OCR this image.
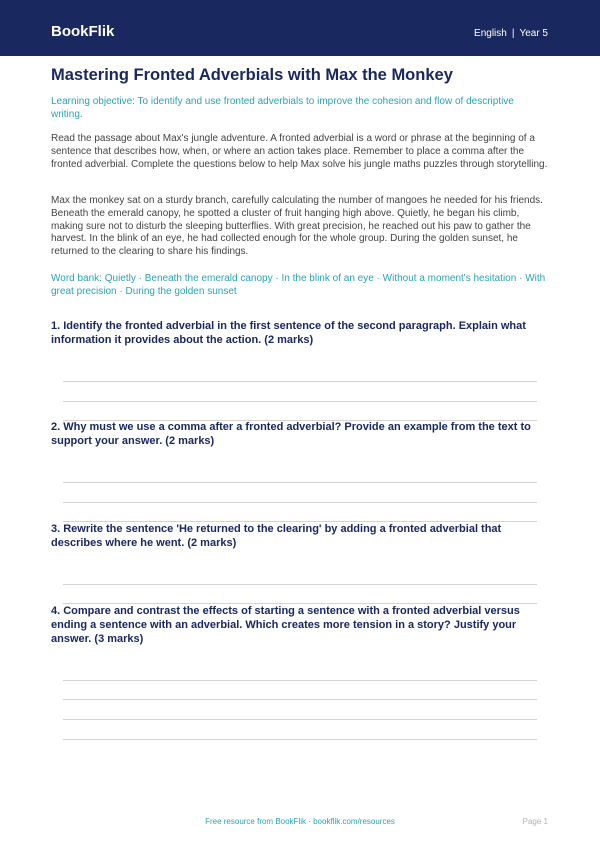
BookFlik	English | Year 5
Mastering Fronted Adverbials with Max the Monkey

Learning objective: To identify and use fronted adverbials to improve the cohesion and flow of descriptive writing.

Read the passage about Max's jungle adventure. A fronted adverbial is a word or phrase at the beginning of a sentence that describes how, when, or where an action takes place. Remember to place a comma after the fronted adverbial. Complete the questions below to help Max solve his jungle maths puzzles through storytelling.

Max the monkey sat on a sturdy branch, carefully calculating the number of mangoes he needed for his friends. Beneath the emerald canopy, he spotted a cluster of fruit hanging high above. Quietly, he began his climb, making sure not to disturb the sleeping butterflies. With great precision, he reached out his paw to gather the harvest. In the blink of an eye, he had collected enough for the whole group. During the golden sunset, he returned to the clearing to share his findings.

Word bank: Quietly · Beneath the emerald canopy · In the blink of an eye · Without a moment's hesitation · With great precision · During the golden sunset

1. Identify the fronted adverbial in the first sentence of the second paragraph. Explain what information it provides about the action. (2 marks)

2. Why must we use a comma after a fronted adverbial? Provide an example from the text to support your answer. (2 marks)

3. Rewrite the sentence 'He returned to the clearing' by adding a fronted adverbial that describes where he went. (2 marks)

4. Compare and contrast the effects of starting a sentence with a fronted adverbial versus ending a sentence with an adverbial. Which creates more tension in a story? Justify your answer. (3 marks)

Free resource from BookFlik · bookflik.com/resources	Page 1
